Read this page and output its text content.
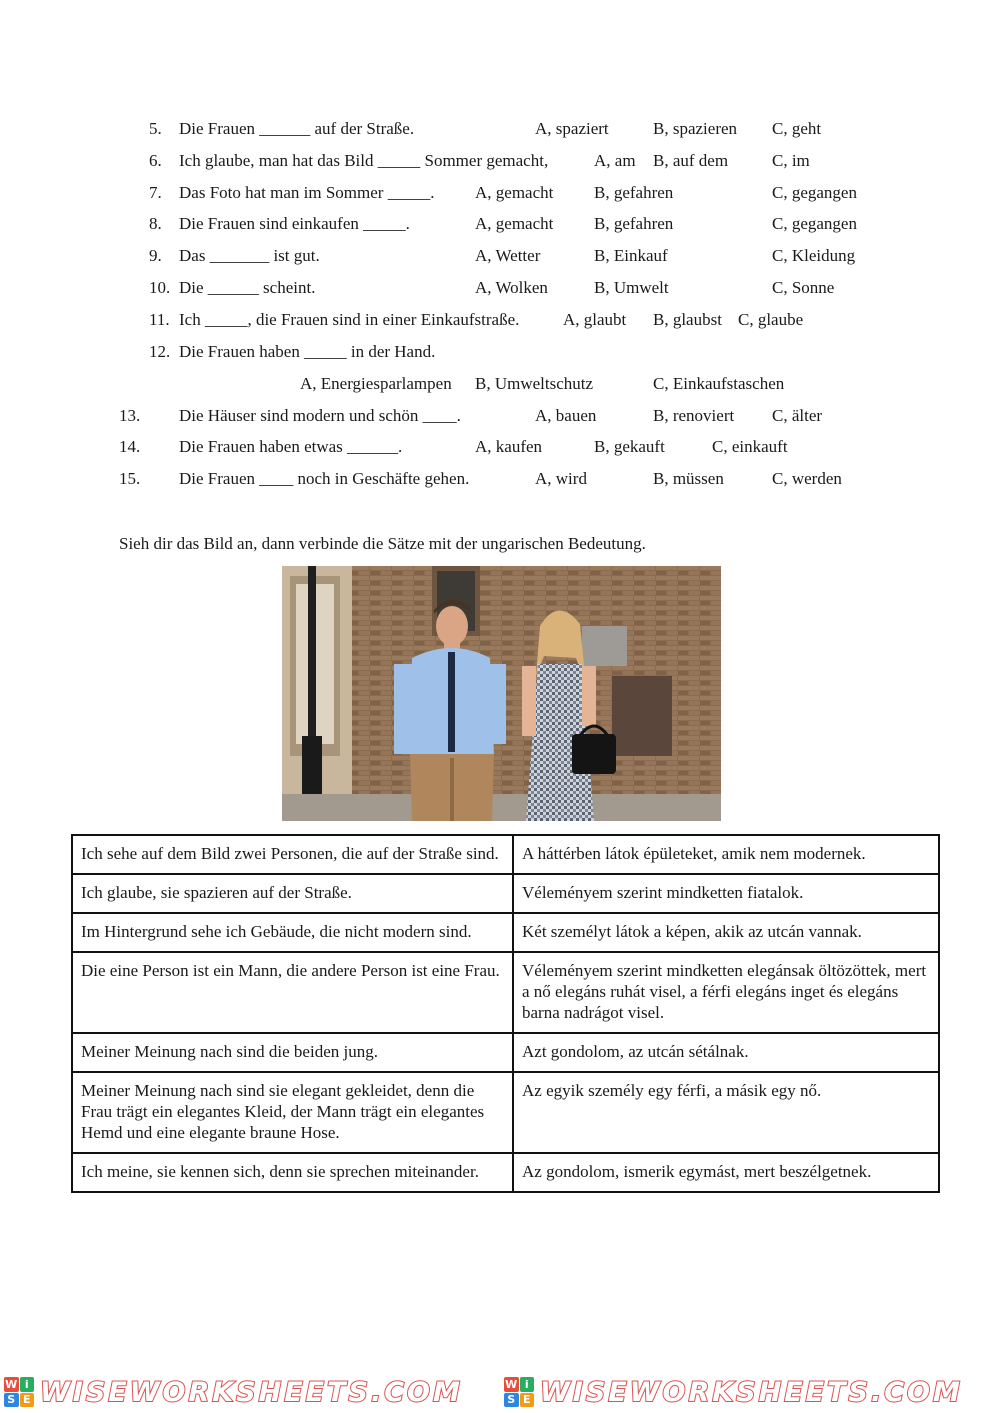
5. Die Frauen ______ auf der Straße.	A, spaziert	B, spazieren C, geht
6. Ich glaube, man hat das Bild _____ Sommer gemacht,	A, am B, auf dem	C, im
7. Das Foto hat man im Sommer _____. A, gemacht B, gefahren	C, gegangen
8. Die Frauen sind einkaufen _____.	A, gemacht B, gefahren	C, gegangen
9. Das _______ ist gut.	A, Wetter	B, Einkauf	C, Kleidung
10. Die ______ scheint.	A, Wolken	B, Umwelt	C, Sonne
11. Ich _____, die Frauen sind in einer Einkaufstraße.	A, glaubt B, glaubst C, glaube
12. Die Frauen haben _____ in der Hand.
A, Energiesparlampen B, Umweltschutz	C, Einkaufstaschen
13. Die Häuser sind modern und schön ____.	A, bauen	B, renoviert C, älter
14. Die Frauen haben etwas ______.	A, kaufen	B, gekauft	C, einkauft
15. Die Frauen ____ noch in Geschäfte gehen.	A, wird	B, müssen	C, werden
Sieh dir das Bild an, dann verbinde die Sätze mit der ungarischen Bedeutung.
Ich sehe auf dem Bild zwei Personen, die auf der Straße sind.	A háttérben látok épületeket, amik nem modernek.
Ich glaube, sie spazieren auf der Straße.	Véleményem szerint mindketten fiatalok.
Im Hintergrund sehe ich Gebäude, die nicht modern sind.	Két személyt látok a képen, akik az utcán vannak.
Die eine Person ist ein Mann, die andere Person ist eine Frau.	Véleményem szerint mindketten elegánsak öltözöttek, mert a nő elegáns ruhát visel, a férfi elegáns inget és elegáns barna nadrágot visel.
Meiner Meinung nach sind die beiden jung.	Azt gondolom, az utcán sétálnak.
Meiner Meinung nach sind sie elegant gekleidet, denn die Frau trägt ein elegantes Kleid, der Mann trägt ein elegantes Hemd und eine elegante braune Hose.	Az egyik személy egy férfi, a másik egy nő.
Ich meine, sie kennen sich, denn sie sprechen miteinander.	Az gondolom, ismerik egymást, mert beszélgetnek.
W i
S E WISEWORKSHEETS.COM	W i
S E WISEWORKSHEETS.COM
